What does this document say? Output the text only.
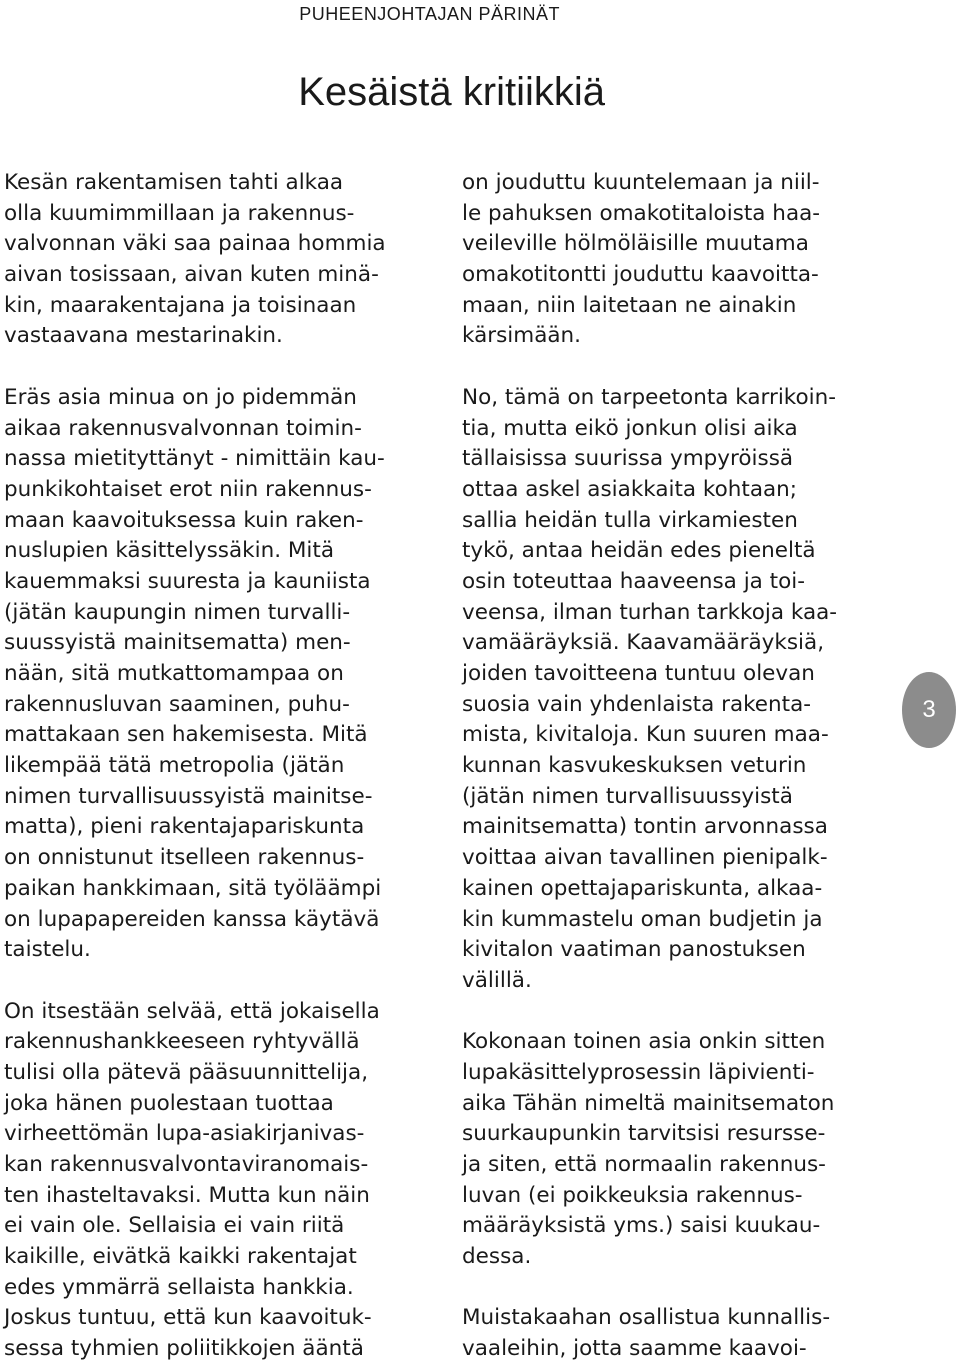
PUHEENJOHTAJAN PÄRINÄT
Kesäistä kritiikkiä
Kesän rakentamisen tahti alkaa
olla kuumimmillaan ja rakennus-
valvonnan väki saa painaa hommia
aivan tosissaan, aivan kuten minä-
kin, maarakentajana ja toisinaan
vastaavana mestarinakin.
Eräs asia minua on jo pidemmän
aikaa rakennusvalvonnan toimin-
nassa mietityttänyt - nimittäin kau-
punkikohtaiset erot niin rakennus-
maan kaavoituksessa kuin raken-
nuslupien käsittelyssäkin. Mitä
kauemmaksi suuresta ja kauniista
(jätän kaupungin nimen turvalli-
suussyistä mainitsematta) men-
nään, sitä mutkattomampaa on
rakennusluvan saaminen, puhu-
mattakaan sen hakemisesta. Mitä
likempää tätä metropolia (jätän
nimen turvallisuussyistä mainitse-
matta), pieni rakentajapariskunta
on onnistunut itselleen rakennus-
paikan hankkimaan, sitä työläämpi
on lupapapereiden kanssa käytävä
taistelu.
On itsestään selvää, että jokaisella
rakennushankkeeseen ryhtyvällä
tulisi olla pätevä pääsuunnittelija,
joka hänen puolestaan tuottaa
virheettömän lupa-asiakirjanivas-
kan rakennusvalvontaviranomais-
ten ihasteltavaksi. Mutta kun näin
ei vain ole. Sellaisia ei vain riitä
kaikille, eivätkä kaikki rakentajat
edes ymmärrä sellaista hankkia.
Joskus tuntuu, että kun kaavoituk-
sessa tyhmien poliitikkojen ääntä
on jouduttu kuuntelemaan ja niil-
le pahuksen omakotitaloista haa-
veileville hölmöläisille muutama
omakotitontti jouduttu kaavoitta-
maan, niin laitetaan ne ainakin
kärsimään.
No, tämä on tarpeetonta karrikoin-
tia, mutta eikö jonkun olisi aika
tällaisissa suurissa ympyröissä
ottaa askel asiakkaita kohtaan;
sallia heidän tulla virkamiesten
tykö, antaa heidän edes pieneltä
osin toteuttaa haaveensa ja toi-
veensa, ilman turhan tarkkoja kaa-
vamääräyksiä. Kaavamääräyksiä,
joiden tavoitteena tuntuu olevan
suosia vain yhdenlaista rakenta-
mista, kivitaloja. Kun suuren maa-
kunnan kasvukeskuksen veturin
(jätän nimen turvallisuussyistä
mainitsematta) tontin arvonnassa
voittaa aivan tavallinen pienipalk-
kainen opettajapariskunta, alkaa-
kin kummastelu oman budjetin ja
kivitalon vaatiman panostuksen
välillä.
Kokonaan toinen asia onkin sitten
lupakäsittelyprosessin läpivienti-
aika Tähän nimeltä mainitsematon
suurkaupunkin tarvitsisi resursse-
ja siten, että normaalin rakennus-
luvan (ei poikkeuksia rakennus-
määräyksistä yms.) saisi kuukau-
dessa.
Muistakaahan osallistua kunnallis-
vaaleihin, jotta saamme kaavoi-
3
